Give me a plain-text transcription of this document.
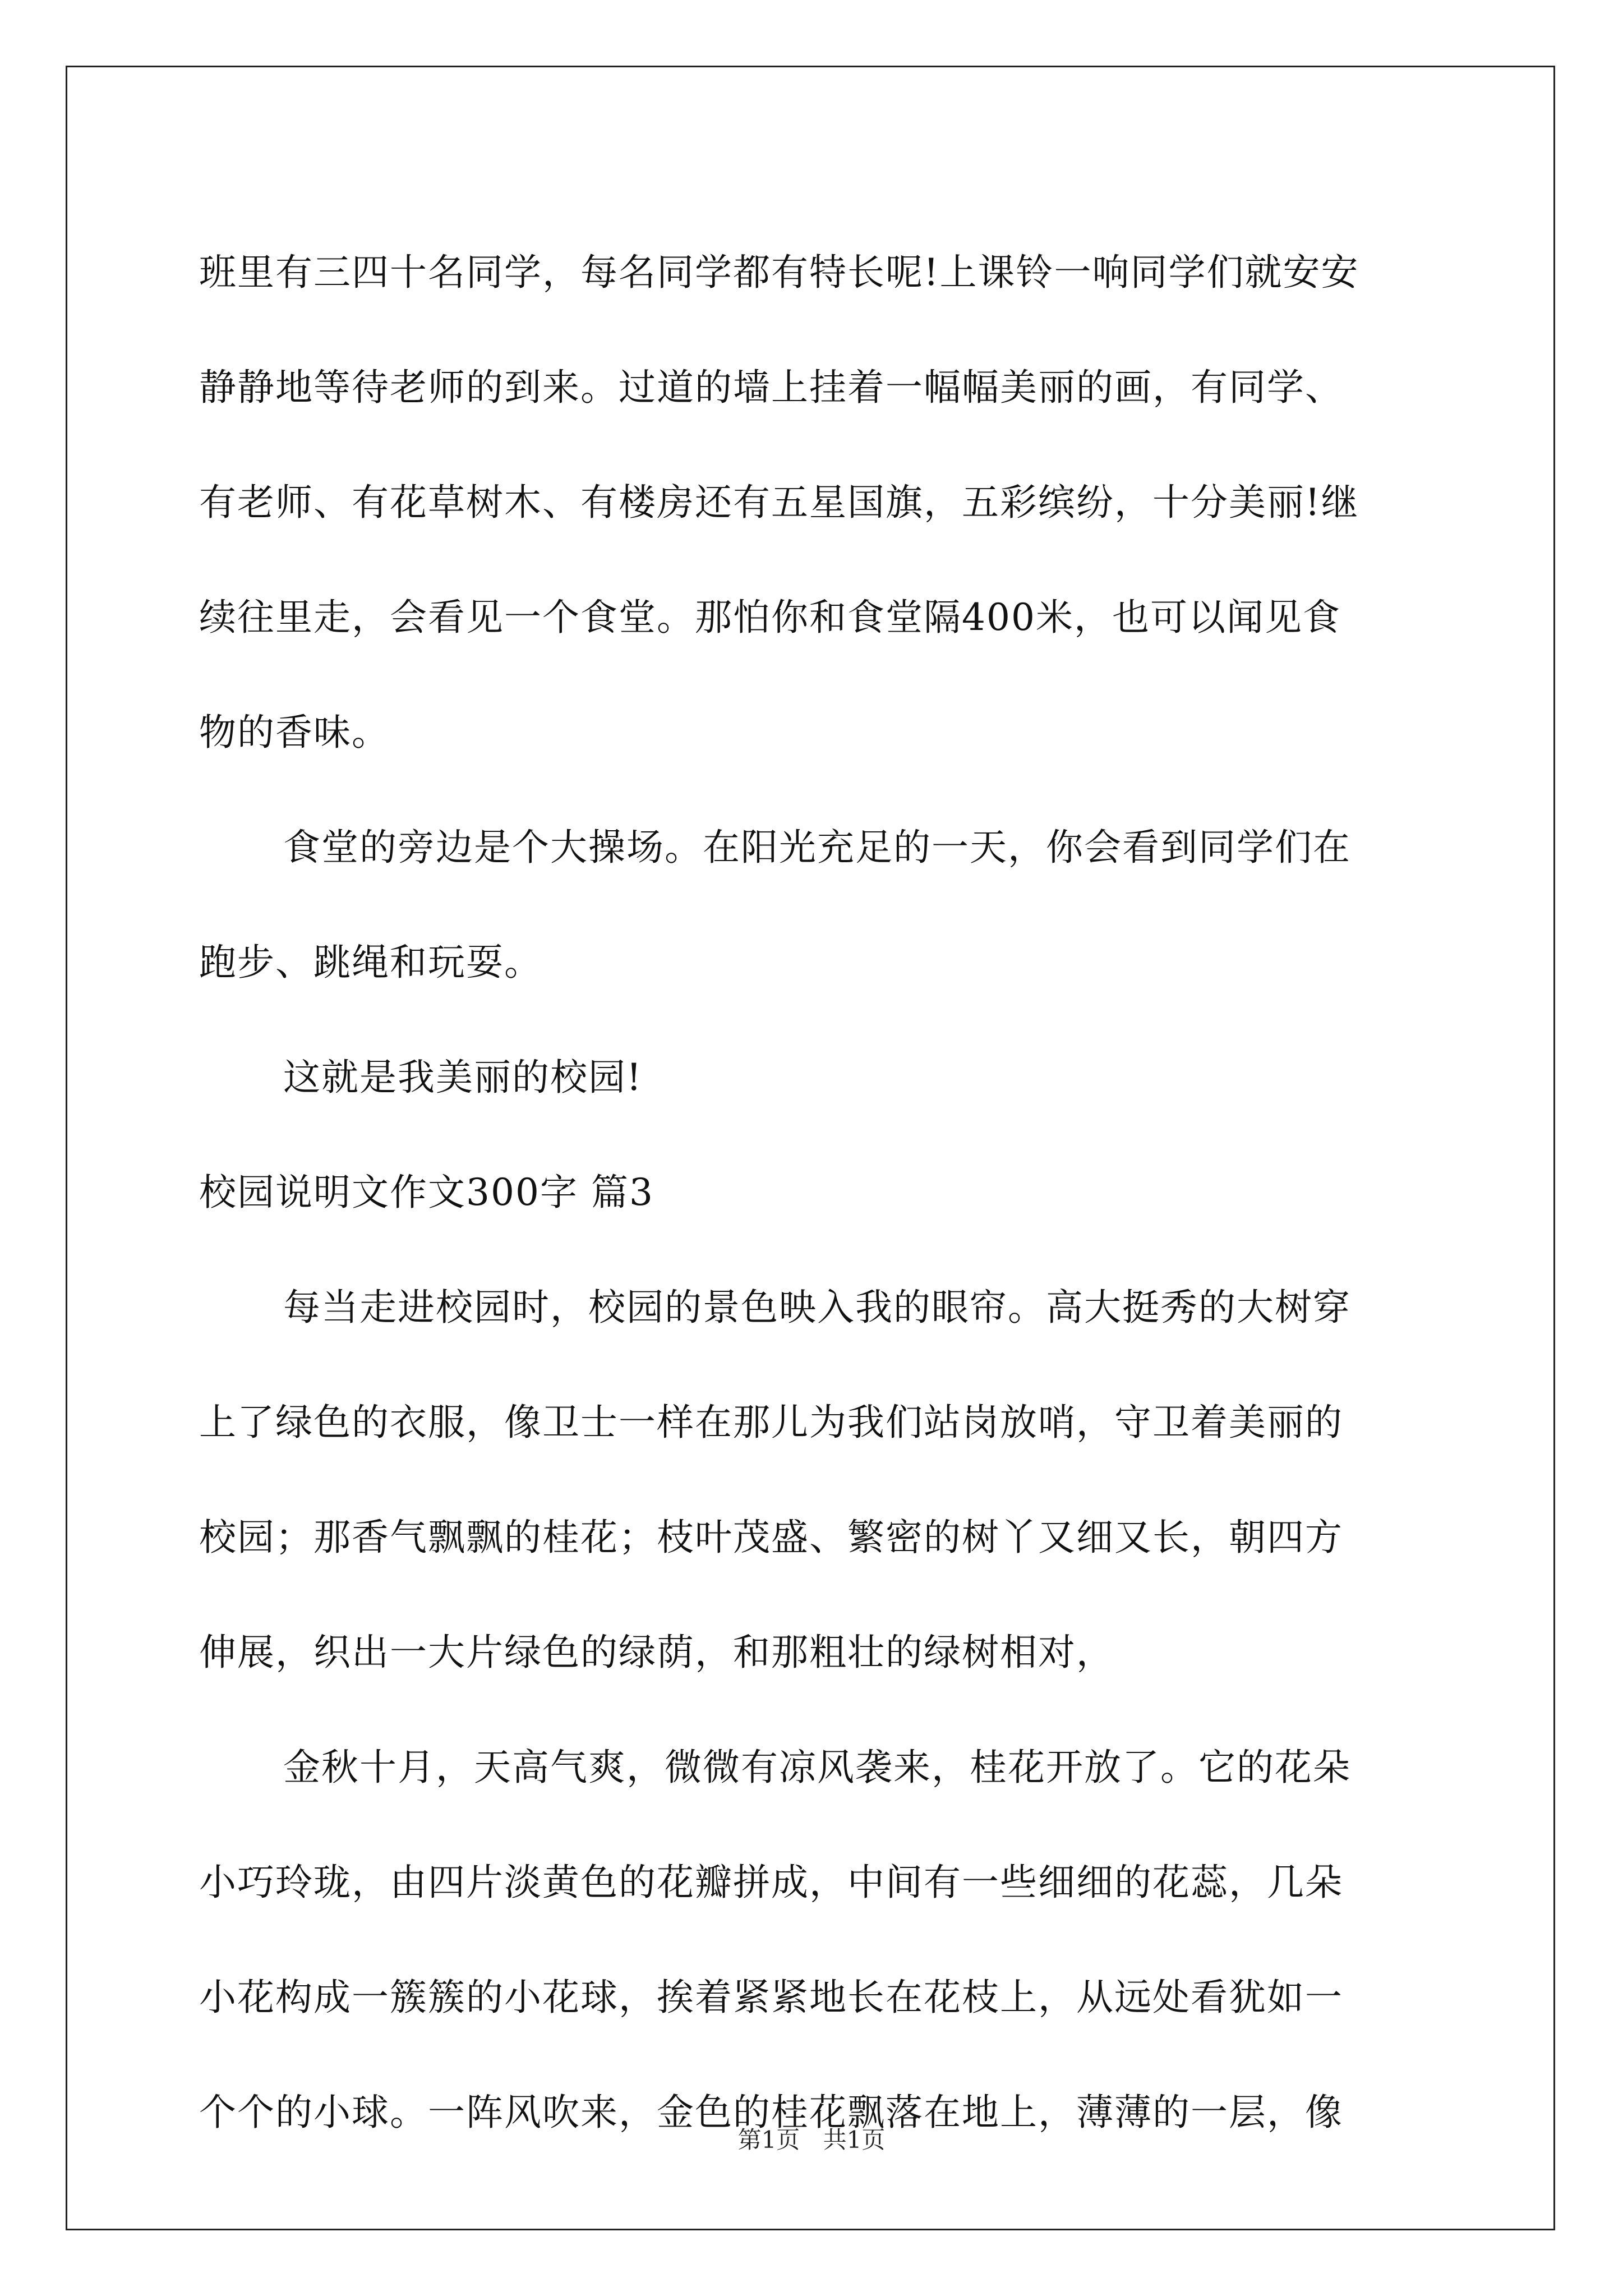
班里有三四十名同学，每名同学都有特长呢!上课铃一响同学们就安安
静静地等待老师的到来。过道的墙上挂着一幅幅美丽的画，有同学、
有老师、有花草树木、有楼房还有五星国旗，五彩缤纷，十分美丽!继
续往里走，会看见一个食堂。那怕你和食堂隔400米，也可以闻见食
物的香味。
食堂的旁边是个大操场。在阳光充足的一天，你会看到同学们在
跑步、跳绳和玩耍。
这就是我美丽的校园!
校园说明文作文300字 篇3
每当走进校园时，校园的景色映入我的眼帘。高大挺秀的大树穿
上了绿色的衣服，像卫士一样在那儿为我们站岗放哨，守卫着美丽的
校园；那香气飘飘的桂花；枝叶茂盛、繁密的树丫又细又长，朝四方
伸展，织出一大片绿色的绿荫，和那粗壮的绿树相对，
金秋十月，天高气爽，微微有凉风袭来，桂花开放了。它的花朵
小巧玲珑，由四片淡黄色的花瓣拼成，中间有一些细细的花蕊，几朵
小花构成一簇簇的小花球，挨着紧紧地长在花枝上，从远处看犹如一
个个的小球。一阵风吹来，金色的桂花飘落在地上，薄薄的一层，像
第1页 共1页
